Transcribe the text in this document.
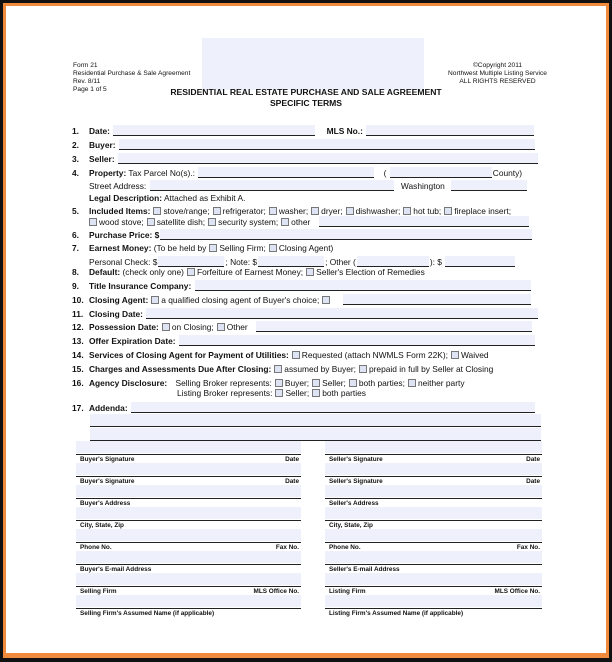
Form 21
Residential Purchase & Sale Agreement
Rev. 8/11
Page 1 of 5
©Copyright 2011
Northwest Multiple Listing Service
ALL RIGHTS RESERVED
RESIDENTIAL REAL ESTATE PURCHASE AND SALE AGREEMENT
SPECIFIC TERMS
1. Date:	MLS No.:
2. Buyer:
3. Seller:
4. Property: Tax Parcel No(s).:	(	County)
Street Address:	Washington
Legal Description: Attached as Exhibit A.
5. Included Items: stove/range; refrigerator; washer; dryer; dishwasher; hot tub; fireplace insert;
wood stove; satellite dish; security system; other
6. Purchase Price: $
7. Earnest Money: (To be held by Selling Firm; Closing Agent)
Personal Check: $	; Note: $	; Other (	): $
8. Default: (check only one) Forfeiture of Earnest Money; Seller's Election of Remedies
9. Title Insurance Company:
10. Closing Agent: a qualified closing agent of Buyer's choice;
11. Closing Date:
12. Possession Date: on Closing; Other
13. Offer Expiration Date:
14. Services of Closing Agent for Payment of Utilities: Requested (attach NWMLS Form 22K); Waived
15. Charges and Assessments Due After Closing: assumed by Buyer; prepaid in full by Seller at Closing
16. Agency Disclosure: Selling Broker represents: Buyer; Seller; both parties; neither party
Listing Broker represents: Seller; both parties
17. Addenda:
Buyer's Signature	Date
Buyer's Signature	Date
Buyer's Address
City, State, Zip
Phone No.	Fax No.
Buyer's E-mail Address
Selling Firm	MLS Office No.
Selling Firm's Assumed Name (if applicable)
Seller's Signature	Date
Seller's Signature	Date
Seller's Address
City, State, Zip
Phone No.	Fax No.
Seller's E-mail Address
Listing Firm	MLS Office No.
Listing Firm's Assumed Name (if applicable)
